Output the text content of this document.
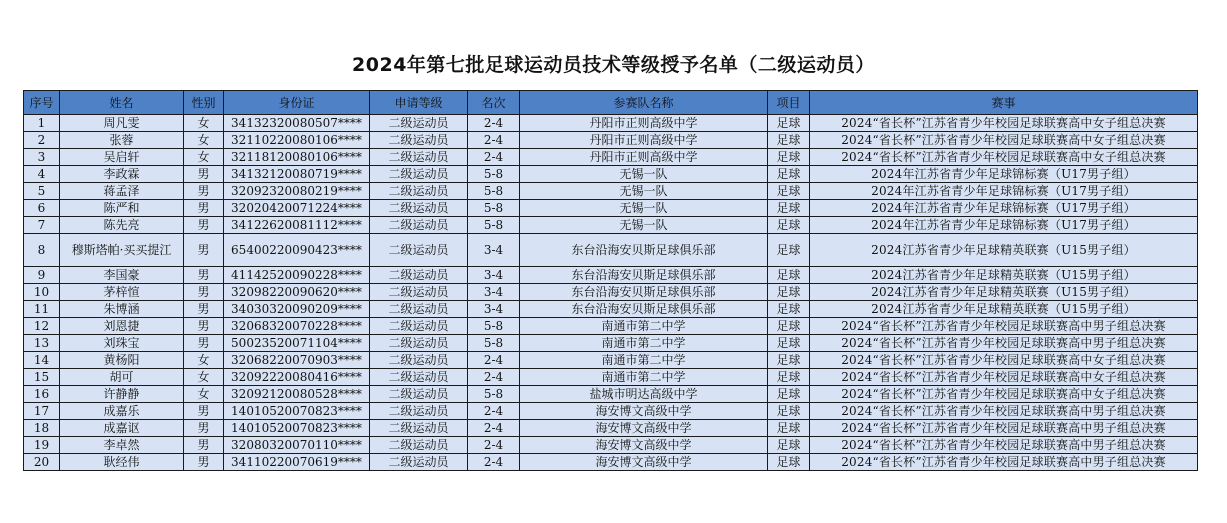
2024年第七批足球运动员技术等级授予名单（二级运动员）
序号	姓名	性别	身份证	申请等级	名次	参赛队名称	项目	赛事
1	周凡雯	女	34132320080507****	二级运动员	2-4	丹阳市正则高级中学	足球	2024“省长杯”江苏省青少年校园足球联赛高中女子组总决赛
2	张蓉	女	32110220080106****	二级运动员	2-4	丹阳市正则高级中学	足球	2024“省长杯”江苏省青少年校园足球联赛高中女子组总决赛
3	吴启轩	女	32118120080106****	二级运动员	2-4	丹阳市正则高级中学	足球	2024“省长杯”江苏省青少年校园足球联赛高中女子组总决赛
4	李政霖	男	34132120080719****	二级运动员	5-8	无锡一队	足球	2024年江苏省青少年足球锦标赛（U17男子组）
5	蒋孟泽	男	32092320080219****	二级运动员	5-8	无锡一队	足球	2024年江苏省青少年足球锦标赛（U17男子组）
6	陈严和	男	32020420071224****	二级运动员	5-8	无锡一队	足球	2024年江苏省青少年足球锦标赛（U17男子组）
7	陈先亮	男	34122620081112****	二级运动员	5-8	无锡一队	足球	2024年江苏省青少年足球锦标赛（U17男子组）
8	穆斯塔帕·买买提江	男	65400220090423****	二级运动员	3-4	东台沿海安贝斯足球俱乐部	足球	2024江苏省青少年足球精英联赛（U15男子组）
9	李国豪	男	41142520090228****	二级运动员	3-4	东台沿海安贝斯足球俱乐部	足球	2024江苏省青少年足球精英联赛（U15男子组）
10	茅梓愃	男	32098220090620****	二级运动员	3-4	东台沿海安贝斯足球俱乐部	足球	2024江苏省青少年足球精英联赛（U15男子组）
11	朱博涵	男	34030320090209****	二级运动员	3-4	东台沿海安贝斯足球俱乐部	足球	2024江苏省青少年足球精英联赛（U15男子组）
12	刘恩捷	男	32068320070228****	二级运动员	5-8	南通市第二中学	足球	2024“省长杯”江苏省青少年校园足球联赛高中男子组总决赛
13	刘珠宝	男	50023520071104****	二级运动员	5-8	南通市第二中学	足球	2024“省长杯”江苏省青少年校园足球联赛高中男子组总决赛
14	黄杨阳	女	32068220070903****	二级运动员	2-4	南通市第二中学	足球	2024“省长杯”江苏省青少年校园足球联赛高中女子组总决赛
15	胡可	女	32092220080416****	二级运动员	2-4	南通市第二中学	足球	2024“省长杯”江苏省青少年校园足球联赛高中女子组总决赛
16	许静静	女	32092120080528****	二级运动员	5-8	盐城市明达高级中学	足球	2024“省长杯”江苏省青少年校园足球联赛高中女子组总决赛
17	成嘉乐	男	14010520070823****	二级运动员	2-4	海安博文高级中学	足球	2024“省长杯”江苏省青少年校园足球联赛高中男子组总决赛
18	成嘉讴	男	14010520070823****	二级运动员	2-4	海安博文高级中学	足球	2024“省长杯”江苏省青少年校园足球联赛高中男子组总决赛
19	李卓然	男	32080320070110****	二级运动员	2-4	海安博文高级中学	足球	2024“省长杯”江苏省青少年校园足球联赛高中男子组总决赛
20	耿经伟	男	34110220070619****	二级运动员	2-4	海安博文高级中学	足球	2024“省长杯”江苏省青少年校园足球联赛高中男子组总决赛
